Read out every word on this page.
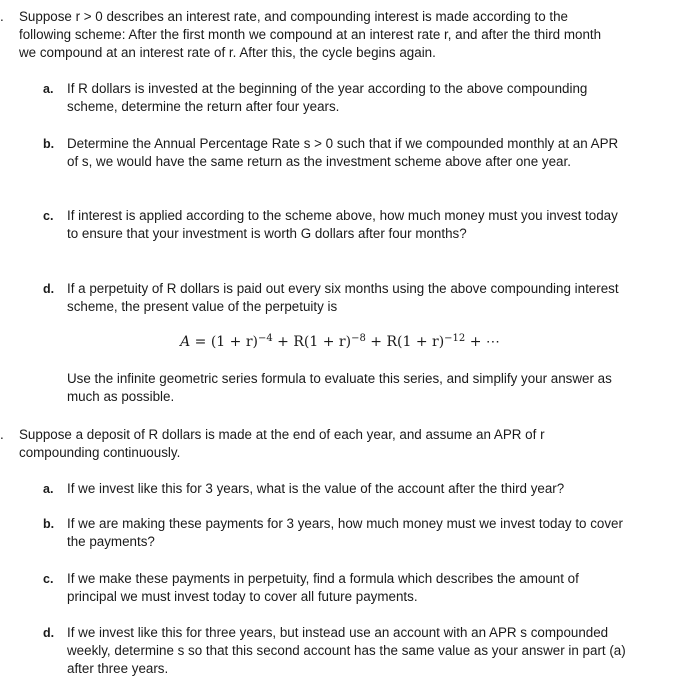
. Suppose r > 0 describes an interest rate, and compounding interest is made according to the following scheme: After the first month we compound at an interest rate r, and after the third month we compound at an interest rate of r. After this, the cycle begins again.
a. If R dollars is invested at the beginning of the year according to the above compounding scheme, determine the return after four years.
b. Determine the Annual Percentage Rate s > 0 such that if we compounded monthly at an APR of s, we would have the same return as the investment scheme above after one year.
c. If interest is applied according to the scheme above, how much money must you invest today to ensure that your investment is worth G dollars after four months?
d. If a perpetuity of R dollars is paid out every six months using the above compounding interest scheme, the present value of the perpetuity is
$A = (1 + r)^{-4} + R(1 + r)^{-8} + R(1 + r)^{-12}$ + ⋯
Use the infinite geometric series formula to evaluate this series, and simplify your answer as much as possible.
. Suppose a deposit of R dollars is made at the end of each year, and assume an APR of r compounding continuously.
a. If we invest like this for 3 years, what is the value of the account after the third year?
b. If we are making these payments for 3 years, how much money must we invest today to cover the payments?
c. If we make these payments in perpetuity, find a formula which describes the amount of principal we must invest today to cover all future payments.
d. If we invest like this for three years, but instead use an account with an APR s compounded weekly, determine s so that this second account has the same value as your answer in part (a) after three years.
